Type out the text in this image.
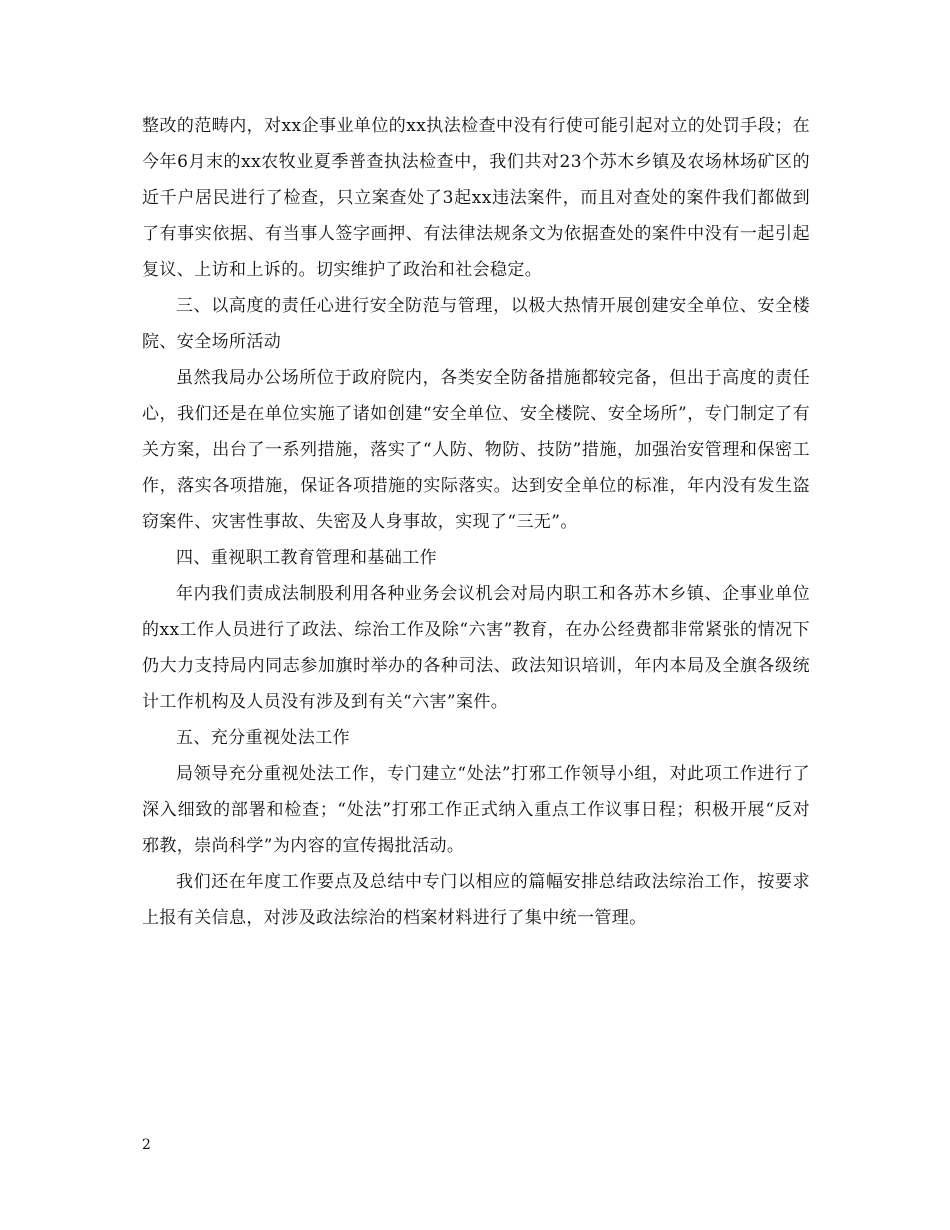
整改的范畴内，对xx企事业单位的xx执法检查中没有行使可能引起对立的处罚手段；在今年6月末的xx农牧业夏季普查执法检查中，我们共对23个苏木乡镇及农场林场矿区的近千户居民进行了检查，只立案查处了3起xx违法案件，而且对查处的案件我们都做到了有事实依据、有当事人签字画押、有法律法规条文为依据查处的案件中没有一起引起复议、上访和上诉的。切实维护了政治和社会稳定。

三、以高度的责任心进行安全防范与管理，以极大热情开展创建安全单位、安全楼院、安全场所活动

虽然我局办公场所位于政府院内，各类安全防备措施都较完备，但出于高度的责任心，我们还是在单位实施了诸如创建“安全单位、安全楼院、安全场所”，专门制定了有关方案，出台了一系列措施，落实了“人防、物防、技防”措施，加强治安管理和保密工作，落实各项措施，保证各项措施的实际落实。达到安全单位的标准，年内没有发生盗窃案件、灾害性事故、失密及人身事故，实现了“三无”。

四、重视职工教育管理和基础工作

年内我们责成法制股利用各种业务会议机会对局内职工和各苏木乡镇、企事业单位的xx工作人员进行了政法、综治工作及除“六害”教育，在办公经费都非常紧张的情况下仍大力支持局内同志参加旗时举办的各种司法、政法知识培训，年内本局及全旗各级统计工作机构及人员没有涉及到有关“六害”案件。

五、充分重视处法工作

局领导充分重视处法工作，专门建立“处法”打邪工作领导小组，对此项工作进行了深入细致的部署和检查；“处法”打邪工作正式纳入重点工作议事日程；积极开展“反对邪教，崇尚科学”为内容的宣传揭批活动。

我们还在年度工作要点及总结中专门以相应的篇幅安排总结政法综治工作，按要求上报有关信息，对涉及政法综治的档案材料进行了集中统一管理。

2
